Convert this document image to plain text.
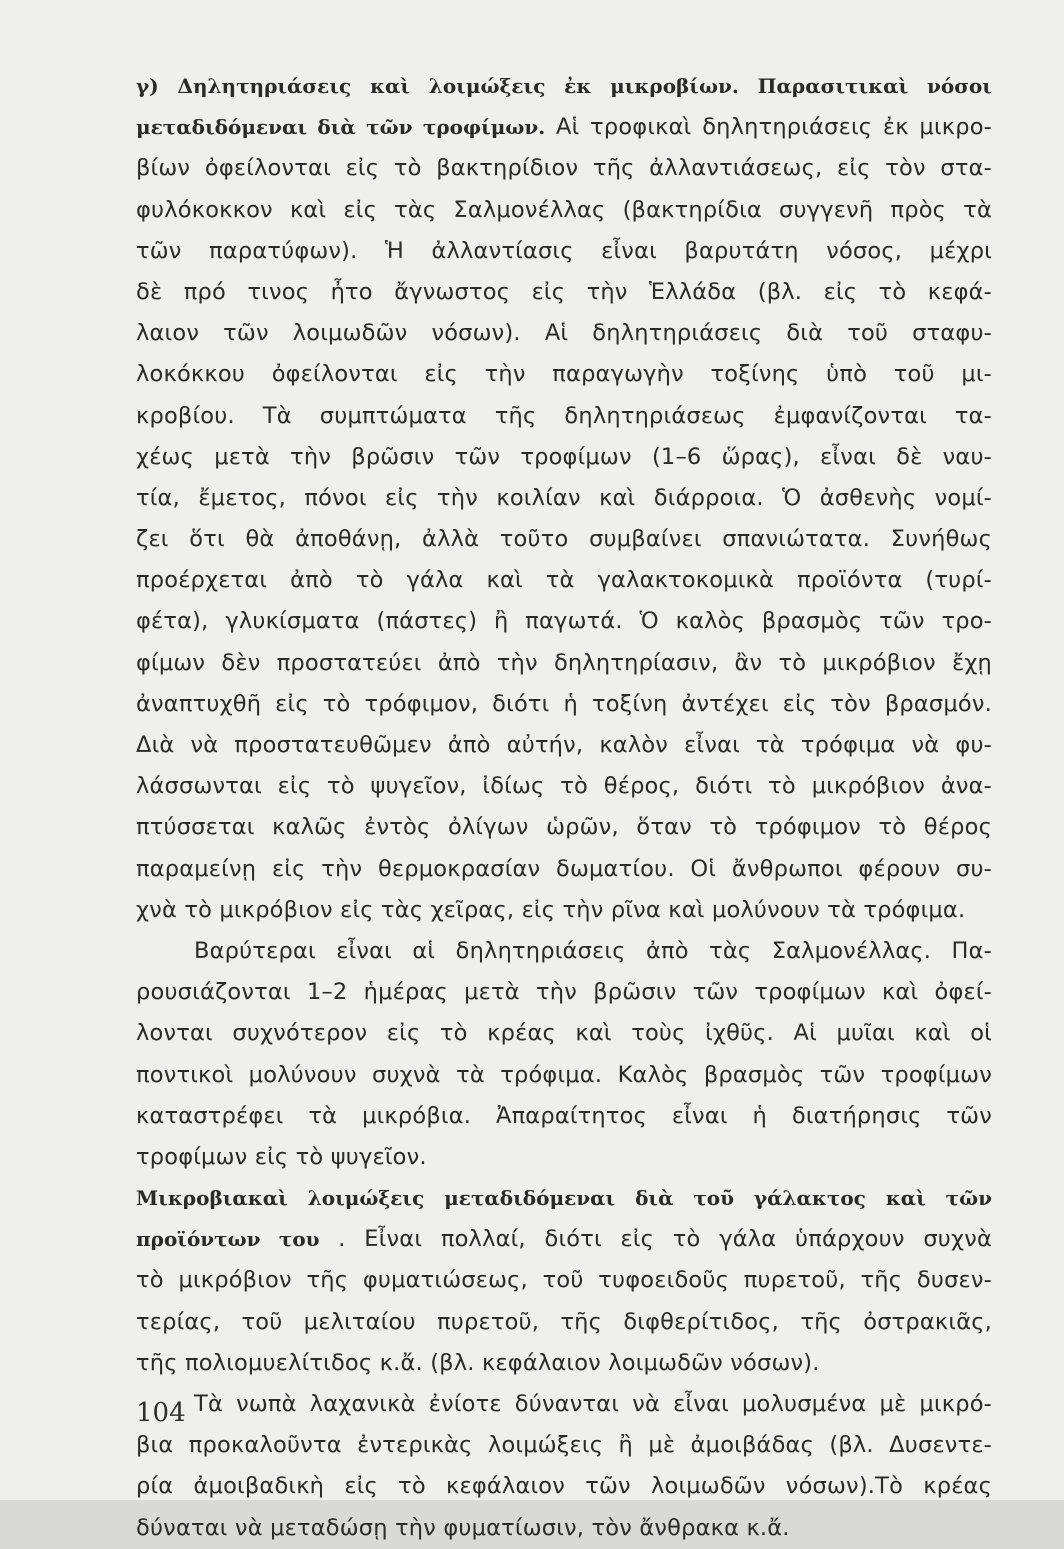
γ) Δηλητηριάσεις καὶ λοιμώξεις ἐκ μικροβίων. Παρασιτικαὶ νόσοι
μεταδιδόμεναι διὰ τῶν τροφίμων. Αἱ τροφικαὶ δηλητηριάσεις ἐκ μικρο-
βίων ὀφείλονται εἰς τὸ βακτηρίδιον τῆς ἀλλαντιάσεως, εἰς τὸν στα-
φυλόκοκκον καὶ εἰς τὰς Σαλμονέλλας (βακτηρίδια συγγενῆ πρὸς τὰ
τῶν παρατύφων). Ἡ ἀλλαντίασις εἶναι βαρυτάτη νόσος, μέχρι
δὲ πρό τινος ἦτο ἄγνωστος εἰς τὴν Ἑλλάδα (βλ. εἰς τὸ κεφά-
λαιον τῶν λοιμωδῶν νόσων). Αἱ δηλητηριάσεις διὰ τοῦ σταφυ-
λοκόκκου ὀφείλονται εἰς τὴν παραγωγὴν τοξίνης ὑπὸ τοῦ μι-
κροβίου. Τὰ συμπτώματα τῆς δηλητηριάσεως ἐμφανίζονται τα-
χέως μετὰ τὴν βρῶσιν τῶν τροφίμων (1–6 ὥρας), εἶναι δὲ ναυ-
τία, ἔμετος, πόνοι εἰς τὴν κοιλίαν καὶ διάρροια. Ὁ ἀσθενὴς νομί-
ζει ὅτι θὰ ἀποθάνῃ, ἀλλὰ τοῦτο συμβαίνει σπανιώτατα. Συνήθως
προέρχεται ἀπὸ τὸ γάλα καὶ τὰ γαλακτοκομικὰ προϊόντα (τυρί-
φέτα), γλυκίσματα (πάστες) ἢ παγωτά. Ὁ καλὸς βρασμὸς τῶν τρο-
φίμων δὲν προστατεύει ἀπὸ τὴν δηλητηρίασιν, ἂν τὸ μικρόβιον ἔχῃ
ἀναπτυχθῆ εἰς τὸ τρόφιμον, διότι ἡ τοξίνη ἀντέχει εἰς τὸν βρασμόν.
Διὰ νὰ προστατευθῶμεν ἀπὸ αὐτήν, καλὸν εἶναι τὰ τρόφιμα νὰ φυ-
λάσσωνται εἰς τὸ ψυγεῖον, ἰδίως τὸ θέρος, διότι τὸ μικρόβιον ἀνα-
πτύσσεται καλῶς ἐντὸς ὀλίγων ὡρῶν, ὅταν τὸ τρόφιμον τὸ θέρος
παραμείνῃ εἰς τὴν θερμοκρασίαν δωματίου. Οἱ ἄνθρωποι φέρουν συ-
χνὰ τὸ μικρόβιον εἰς τὰς χεῖρας, εἰς τὴν ρῖνα καὶ μολύνουν τὰ τρόφιμα.
Βαρύτεραι εἶναι αἱ δηλητηριάσεις ἀπὸ τὰς Σαλμονέλλας. Πα-
ρουσιάζονται 1–2 ἡμέρας μετὰ τὴν βρῶσιν τῶν τροφίμων καὶ ὀφεί-
λονται συχνότερον εἰς τὸ κρέας καὶ τοὺς ἰχθῦς. Αἱ μυῖαι καὶ οἱ
ποντικοὶ μολύνουν συχνὰ τὰ τρόφιμα. Καλὸς βρασμὸς τῶν τροφίμων
καταστρέφει τὰ μικρόβια. Ἀπαραίτητος εἶναι ἡ διατήρησις τῶν
τροφίμων εἰς τὸ ψυγεῖον.
Μικροβιακαὶ λοιμώξεις μεταδιδόμεναι διὰ τοῦ γάλακτος καὶ τῶν
προϊόντων του . Εἶναι πολλαί, διότι εἰς τὸ γάλα ὑπάρχουν συχνὰ
τὸ μικρόβιον τῆς φυματιώσεως, τοῦ τυφοειδοῦς πυρετοῦ, τῆς δυσεν-
τερίας, τοῦ μελιταίου πυρετοῦ, τῆς διφθερίτιδος, τῆς ὀστρακιᾶς,
τῆς πολιομυελίτιδος κ.ἄ. (βλ. κεφάλαιον λοιμωδῶν νόσων).
Τὰ νωπὰ λαχανικὰ ἐνίοτε δύνανται νὰ εἶναι μολυσμένα μὲ μικρό-
βια προκαλοῦντα ἐντερικὰς λοιμώξεις ἢ μὲ ἀμοιβάδας (βλ. Δυσεντε-
ρία ἀμοιβαδικὴ εἰς τὸ κεφάλαιον τῶν λοιμωδῶν νόσων).Τὸ κρέας
δύναται νὰ μεταδώσῃ τὴν φυματίωσιν, τὸν ἄνθρακα κ.ἄ.
104
